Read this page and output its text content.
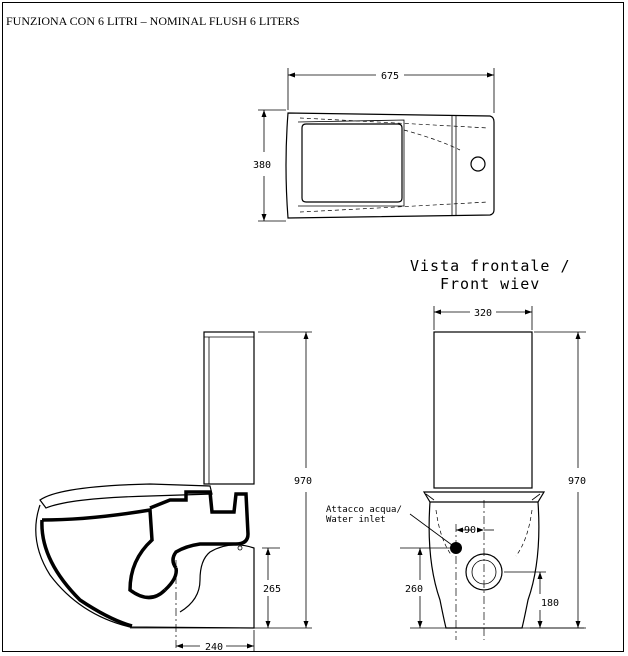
FUNZIONA CON 6 LITRI – NOMINAL FLUSH 6 LITERS
675
380
970
265
240
Vista frontale /
Front wiev
Attacco acqua/
Water inlet
320
970
90
260
180
